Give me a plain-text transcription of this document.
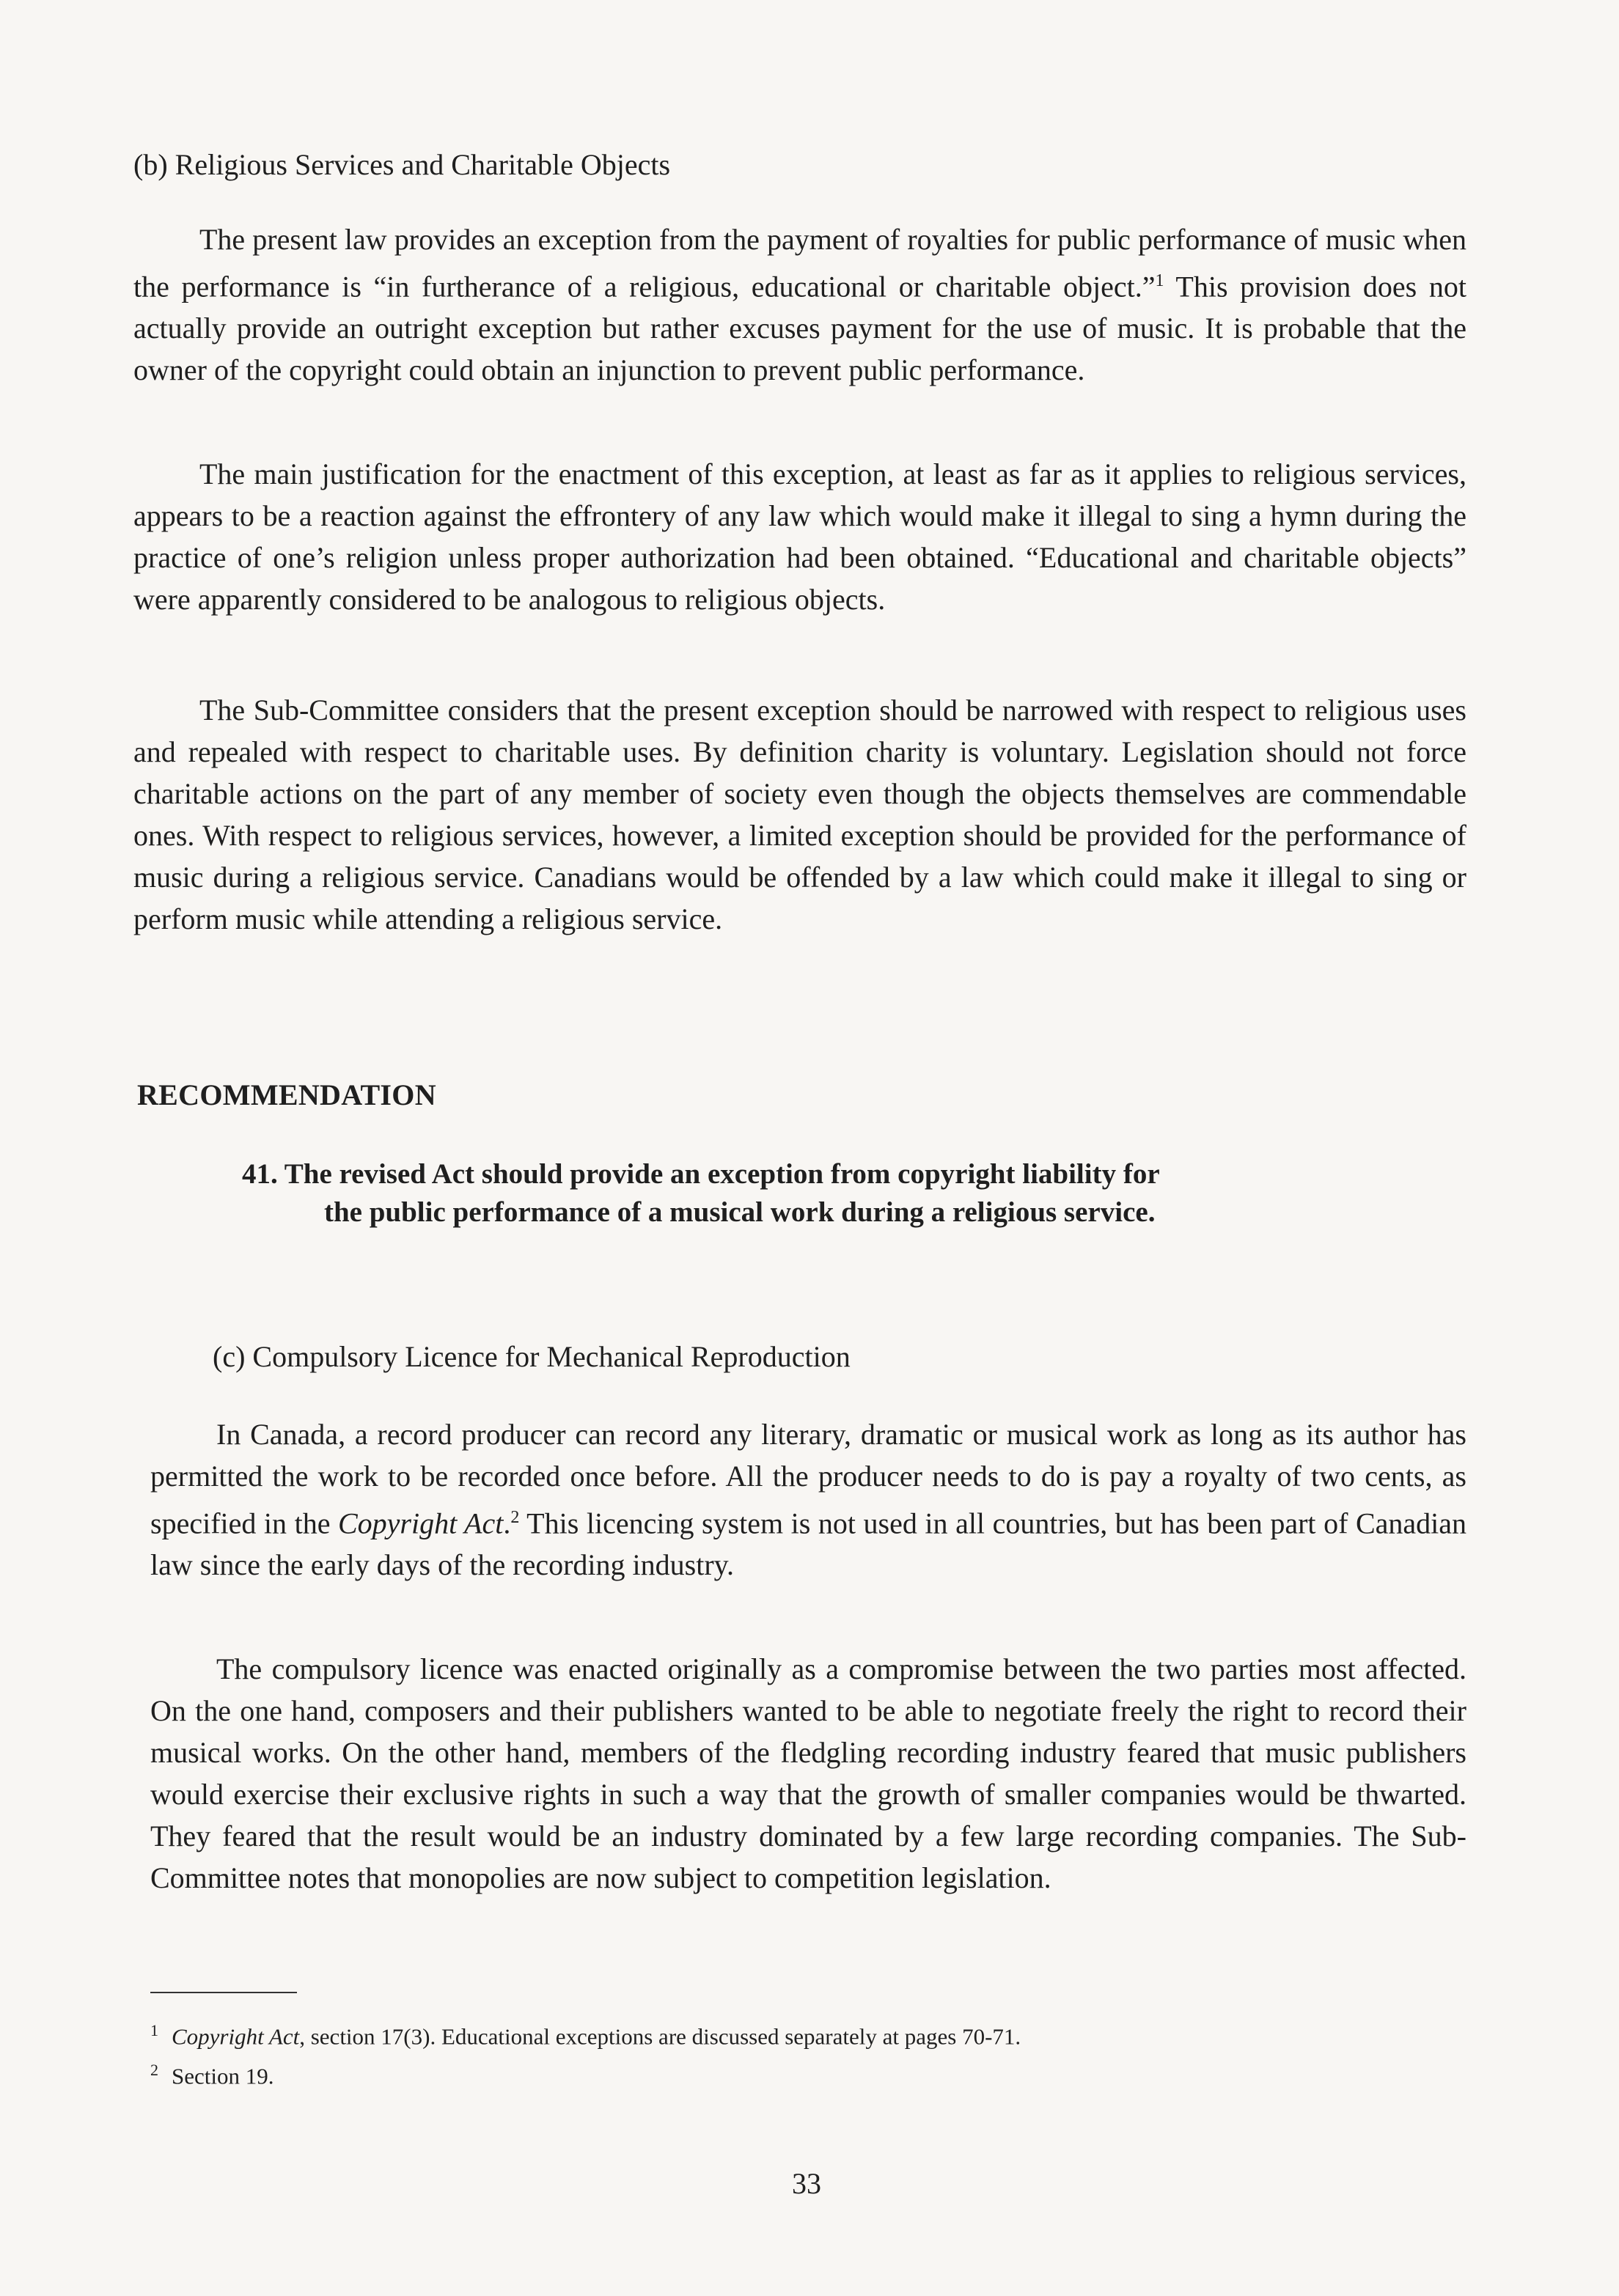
(b) Religious Services and Charitable Objects

The present law provides an exception from the payment of royalties for public performance of music when the performance is “in furtherance of a religious, educational or charitable object.”$^1$ This provision does not actually provide an outright exception but rather excuses payment for the use of music. It is probable that the owner of the copyright could obtain an injunction to prevent public performance.

The main justification for the enactment of this exception, at least as far as it applies to religious services, appears to be a reaction against the effrontery of any law which would make it illegal to sing a hymn during the practice of one’s religion unless proper authorization had been obtained. “Educational and charitable objects” were apparently considered to be analogous to religious objects.

The Sub-Committee considers that the present exception should be narrowed with respect to religious uses and repealed with respect to charitable uses. By definition charity is voluntary. Legislation should not force charitable actions on the part of any member of society even though the objects themselves are commendable ones. With respect to religious services, however, a limited exception should be provided for the performance of music during a religious service. Canadians would be offended by a law which could make it illegal to sing or perform music while attending a religious service.

RECOMMENDATION
41. The revised Act should provide an exception from copyright liability for
the public performance of a musical work during a religious service.
(c) Compulsory Licence for Mechanical Reproduction

In Canada, a record producer can record any literary, dramatic or musical work as long as its author has permitted the work to be recorded once before. All the producer needs to do is pay a royalty of two cents, as specified in the Copyright Act.$^2$ This licencing system is not used in all countries, but has been part of Canadian law since the early days of the recording industry.

The compulsory licence was enacted originally as a compromise between the two parties most affected. On the one hand, composers and their publishers wanted to be able to negotiate freely the right to record their musical works. On the other hand, members of the fledgling recording industry feared that music publishers would exercise their exclusive rights in such a way that the growth of smaller companies would be thwarted. They feared that the result would be an industry dominated by a few large recording companies. The Sub-Committee notes that monopolies are now subject to competition legislation.

$^1$ Copyright Act, section 17(3). Educational exceptions are discussed separately at pages 70-71.
$^2$ Section 19.
33
